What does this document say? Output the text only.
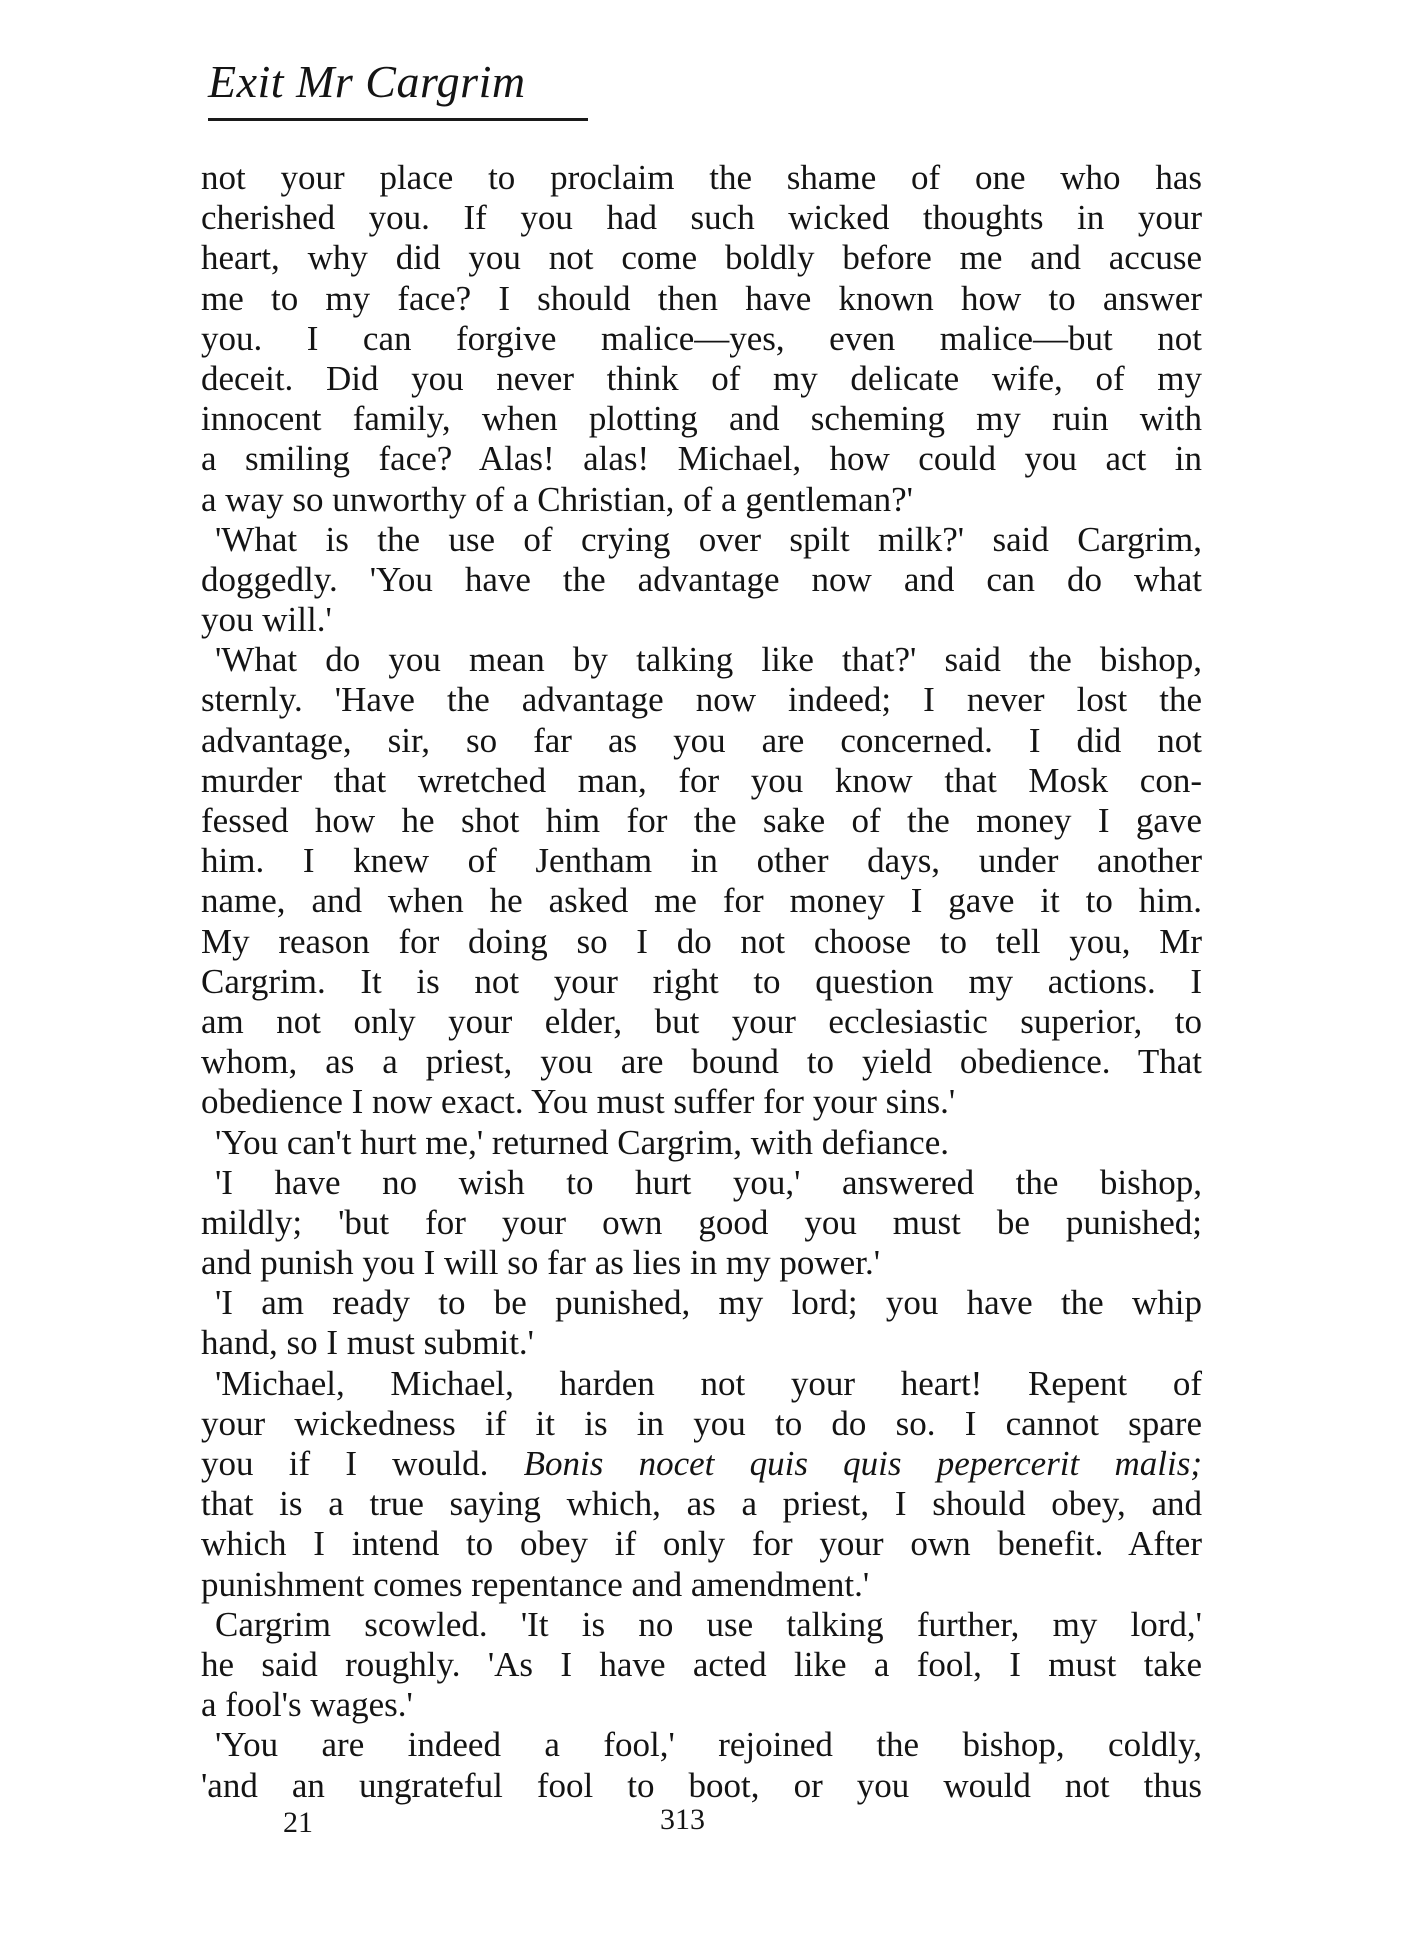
Exit Mr Cargrim
not your place to proclaim the shame of one who has
cherished you. If you had such wicked thoughts in your
heart, why did you not come boldly before me and accuse
me to my face? I should then have known how to answer
you. I can forgive malice—yes, even malice—but not
deceit. Did you never think of my delicate wife, of my
innocent family, when plotting and scheming my ruin with
a smiling face? Alas! alas! Michael, how could you act in
a way so unworthy of a Christian, of a gentleman?'
'What is the use of crying over spilt milk?' said Cargrim,
doggedly. 'You have the advantage now and can do what
you will.'
'What do you mean by talking like that?' said the bishop,
sternly. 'Have the advantage now indeed; I never lost the
advantage, sir, so far as you are concerned. I did not
murder that wretched man, for you know that Mosk con-
fessed how he shot him for the sake of the money I gave
him. I knew of Jentham in other days, under another
name, and when he asked me for money I gave it to him.
My reason for doing so I do not choose to tell you, Mr
Cargrim. It is not your right to question my actions. I
am not only your elder, but your ecclesiastic superior, to
whom, as a priest, you are bound to yield obedience. That
obedience I now exact. You must suffer for your sins.'
'You can't hurt me,' returned Cargrim, with defiance.
'I have no wish to hurt you,' answered the bishop,
mildly; 'but for your own good you must be punished;
and punish you I will so far as lies in my power.'
'I am ready to be punished, my lord; you have the whip
hand, so I must submit.'
'Michael, Michael, harden not your heart! Repent of
your wickedness if it is in you to do so. I cannot spare
you if I would. Bonis nocet quis quis pepercerit malis;
that is a true saying which, as a priest, I should obey, and
which I intend to obey if only for your own benefit. After
punishment comes repentance and amendment.'
Cargrim scowled. 'It is no use talking further, my lord,'
he said roughly. 'As I have acted like a fool, I must take
a fool's wages.'
'You are indeed a fool,' rejoined the bishop, coldly,
'and an ungrateful fool to boot, or you would not thus
21	313
